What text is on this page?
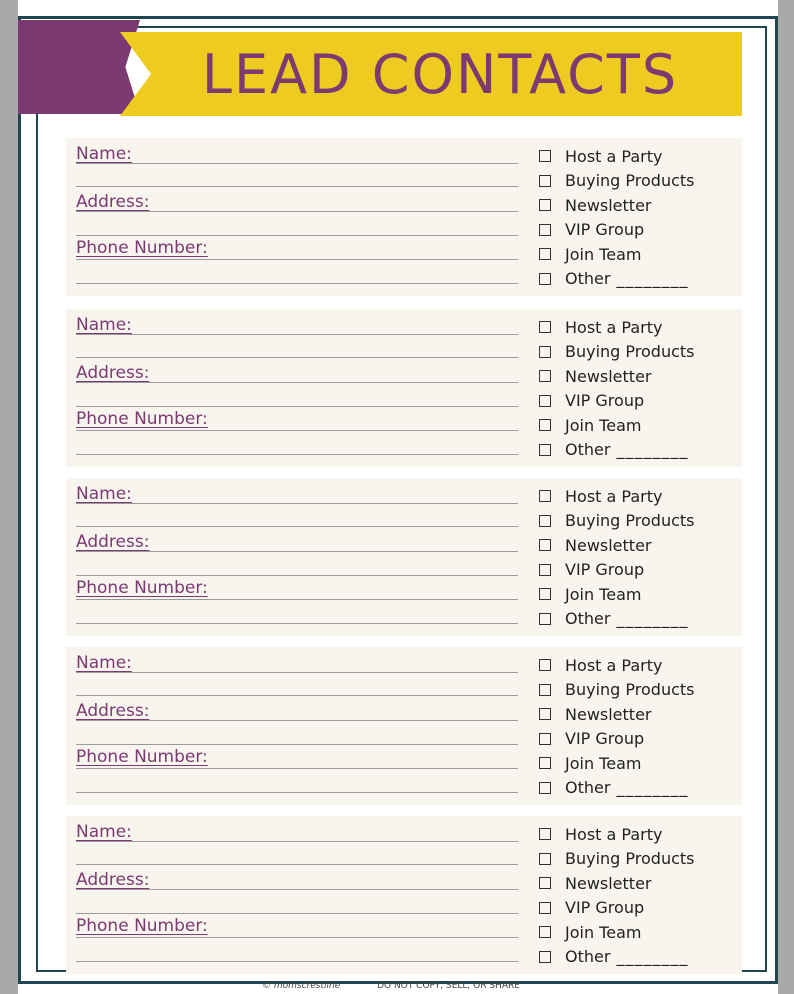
LEAD CONTACTS
Name:
Address:
Phone Number:
Host a Party
Buying Products
Newsletter
VIP Group
Join Team
Other ________
Name:
Address:
Phone Number:
Host a Party
Buying Products
Newsletter
VIP Group
Join Team
Other ________
Name:
Address:
Phone Number:
Host a Party
Buying Products
Newsletter
VIP Group
Join Team
Other ________
Name:
Address:
Phone Number:
Host a Party
Buying Products
Newsletter
VIP Group
Join Team
Other ________
Name:
Address:
Phone Number:
Host a Party
Buying Products
Newsletter
VIP Group
Join Team
Other ________
© momscrestline	DO NOT COPY, SELL, OR SHARE
